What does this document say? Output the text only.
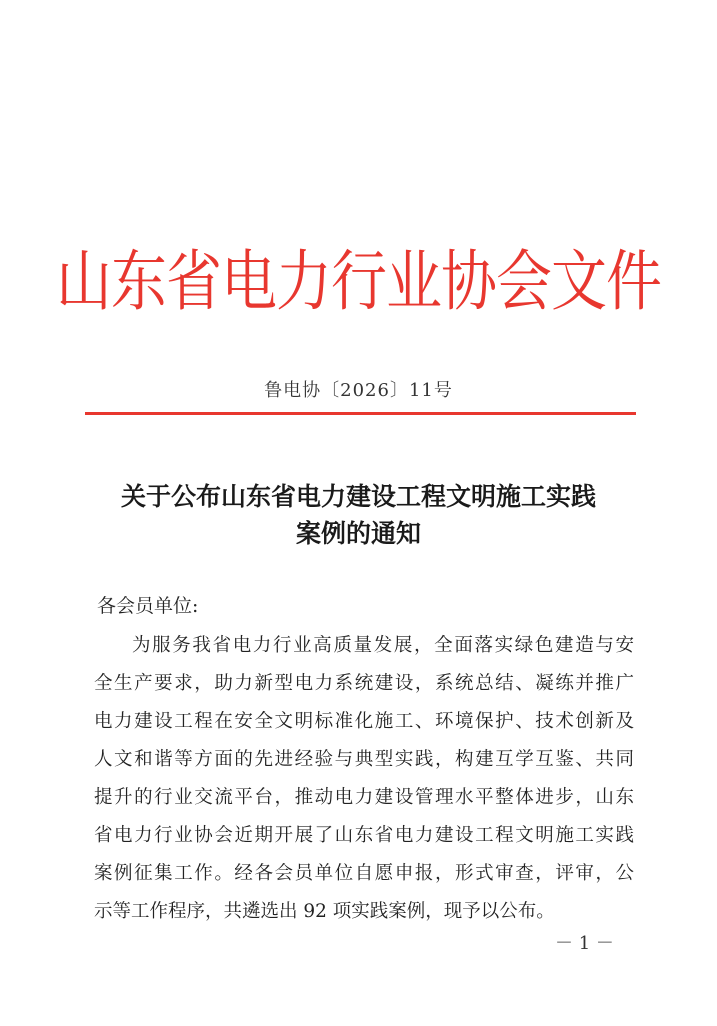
山东省电力行业协会文件
鲁电协〔2026〕11号
关于公布山东省电力建设工程文明施工实践
案例的通知
各会员单位:
为服务我省电力行业高质量发展，全面落实绿色建造与安
全生产要求，助力新型电力系统建设，系统总结、凝练并推广
电力建设工程在安全文明标准化施工、环境保护、技术创新及
人文和谐等方面的先进经验与典型实践，构建互学互鉴、共同
提升的行业交流平台，推动电力建设管理水平整体进步，山东
省电力行业协会近期开展了山东省电力建设工程文明施工实践
案例征集工作。经各会员单位自愿申报，形式审查，评审，公
示等工作程序，共遴选出 92 项实践案例，现予以公布。
－ 1 －
